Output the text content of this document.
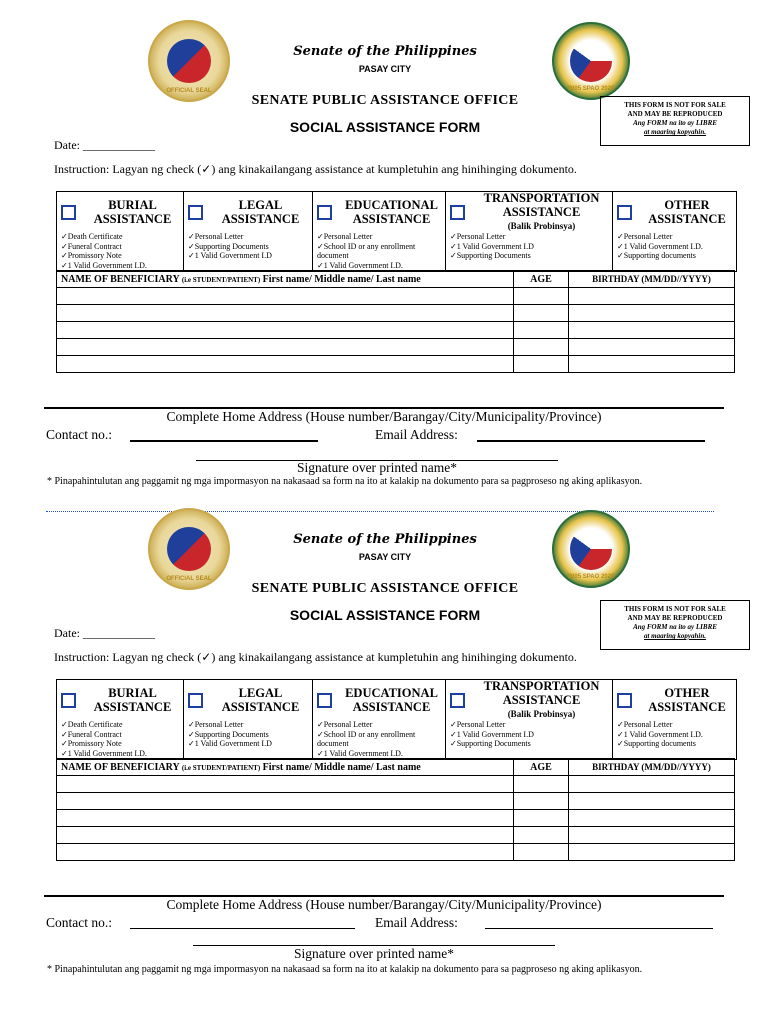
OFFICIAL SEAL	2005 SPAO 2020
Senate of the Philippines
PASAY CITY
SENATE PUBLIC ASSISTANCE OFFICE
SOCIAL ASSISTANCE FORM
THIS FORM IS NOT FOR SALE
AND MAY BE REPRODUCED
Ang FORM na ito ay LIBRE
at maaring kopyahin.
Date: ____________
Instruction: Lagyan ng check (✓) ang kinakailangang assistance at kumpletuhin ang hinihinging dokumento.
BURIAL
ASSISTANCE
✓ Death Certificate
✓ Funeral Contract
✓ Promissory Note
✓ 1 Valid Government I.D.
LEGAL
ASSISTANCE
✓ Personal Letter
✓ Supporting Documents
✓ 1 Valid Government I.D
EDUCATIONAL
ASSISTANCE
✓ Personal Letter
✓ School ID or any enrollment document
✓ 1 Valid Government I.D.
TRANSPORTATION
ASSISTANCE
(Balik Probinsya)
✓ Personal Letter
✓ 1 Valid Government I.D
✓ Supporting Documents
OTHER
ASSISTANCE
✓ Personal Letter
✓ 1 Valid Government I.D.
✓ Supporting documents
NAME OF BENEFICIARY (i.e STUDENT/PATIENT) First name/ Middle name/ Last name	AGE	BIRTHDAY (MM/DD//YYYY)

Complete Home Address (House number/Barangay/City/Municipality/Province)
Contact no.:	Email Address:
Signature over printed name*
* Pinapahintulutan ang paggamit ng mga impormasyon na nakasaad sa form na ito at kalakip na dokumento para sa pagproseso ng aking aplikasyon.
OFFICIAL SEAL	2005 SPAO 2020
Senate of the Philippines
PASAY CITY
SENATE PUBLIC ASSISTANCE OFFICE
SOCIAL ASSISTANCE FORM	THIS FORM IS NOT FOR SALE
AND MAY BE REPRODUCED
Ang FORM na ito ay LIBRE
at maaring kopyahin.
Date: ____________
Instruction: Lagyan ng check (✓) ang kinakailangang assistance at kumpletuhin ang hinihinging dokumento.
BURIAL
ASSISTANCE
✓ Death Certificate
✓ Funeral Contract
✓ Promissory Note
✓ 1 Valid Government I.D.
LEGAL
ASSISTANCE
✓ Personal Letter
✓ Supporting Documents
✓ 1 Valid Government I.D
EDUCATIONAL
ASSISTANCE
✓ Personal Letter
✓ School ID or any enrollment document
✓ 1 Valid Government I.D.
TRANSPORTATION
ASSISTANCE
(Balik Probinsya)
✓ Personal Letter
✓ 1 Valid Government I.D
✓ Supporting Documents
OTHER
ASSISTANCE
✓ Personal Letter
✓ 1 Valid Government I.D.
✓ Supporting documents
NAME OF BENEFICIARY (i.e STUDENT/PATIENT) First name/ Middle name/ Last name	AGE	BIRTHDAY (MM/DD//YYYY)

Complete Home Address (House number/Barangay/City/Municipality/Province)
Contact no.:	Email Address:
Signature over printed name*
* Pinapahintulutan ang paggamit ng mga impormasyon na nakasaad sa form na ito at kalakip na dokumento para sa pagproseso ng aking aplikasyon.
